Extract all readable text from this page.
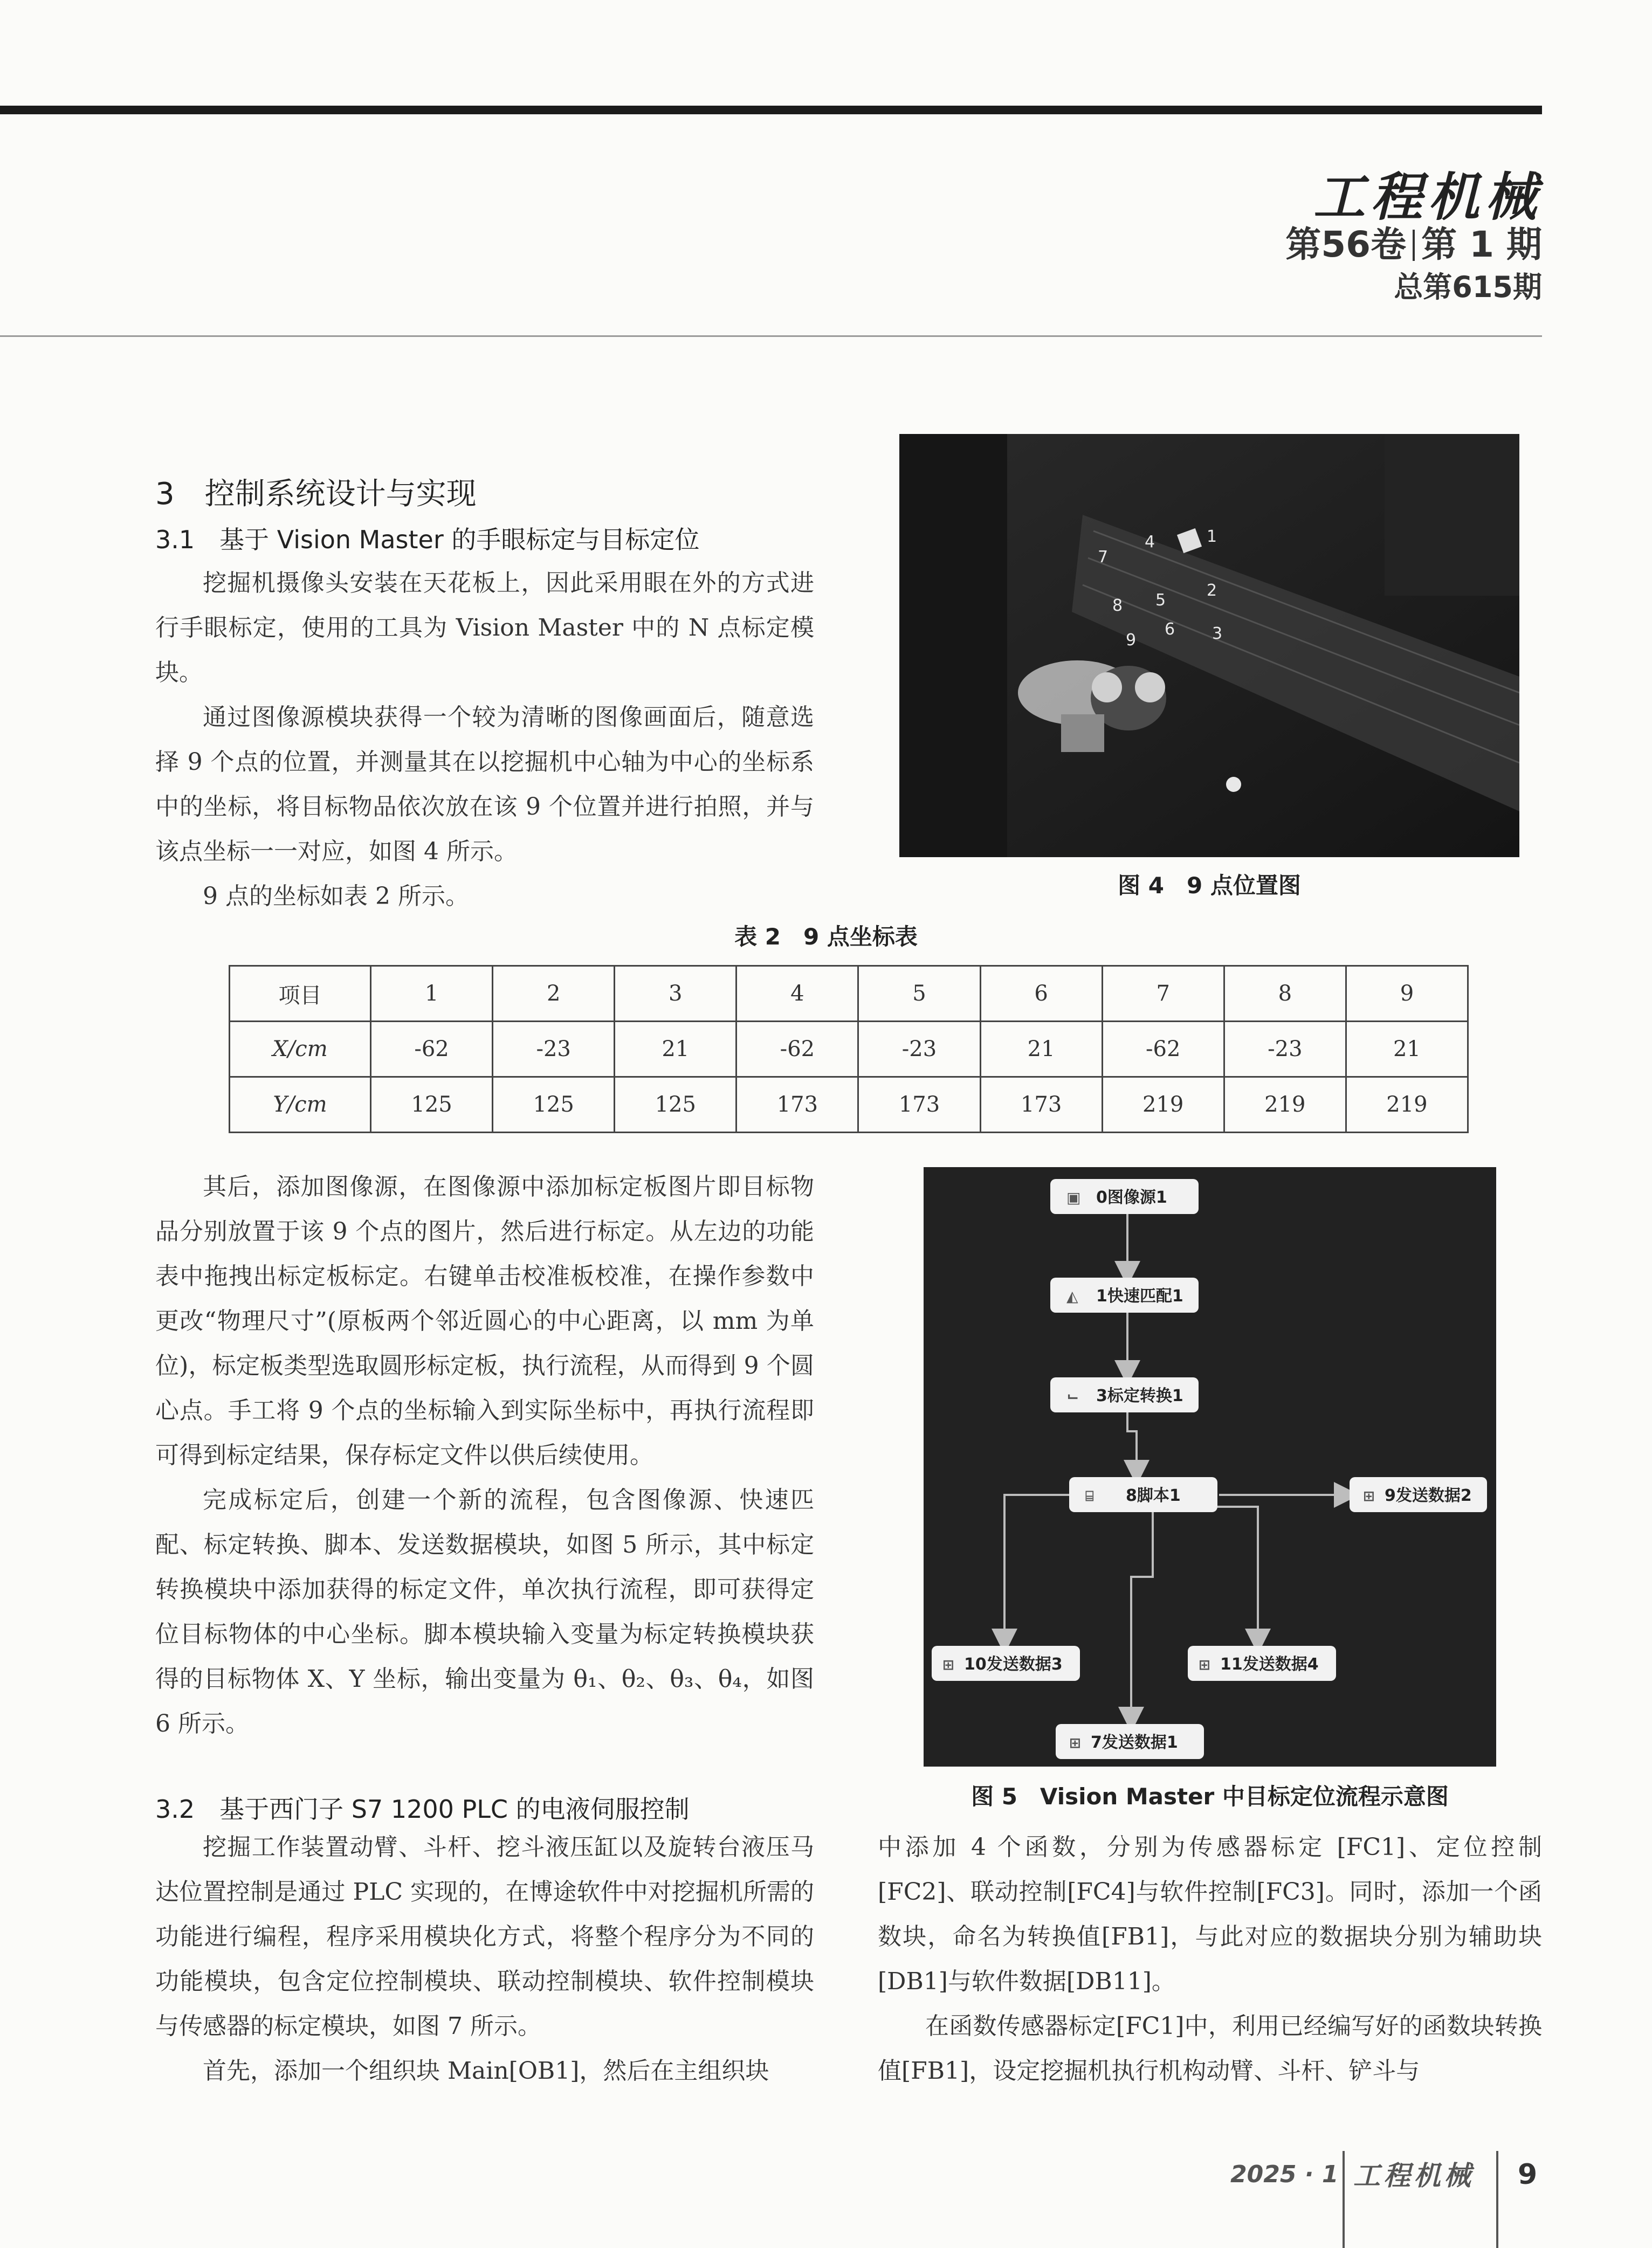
工程机械
第56卷 第 1 期
总第615期
3　控制系统设计与实现
3.1　基于 Vision Master 的手眼标定与目标定位

挖掘机摄像头安装在天花板上，因此采用眼在外的方式进行手眼标定，使用的工具为 Vision Master 中的 N 点标定模块。

通过图像源模块获得一个较为清晰的图像画面后，随意选择 9 个点的位置，并测量其在以挖掘机中心轴为中心的坐标系中的坐标，将目标物品依次放在该 9 个位置并进行拍照，并与该点坐标一一对应，如图 4 所示。

9 点的坐标如表 2 所示。

1
2
3
4
5
6
7
8
9
图 4　9 点位置图
表 2　9 点坐标表
项目	1	2	3	4	5	6	7	8	9
X/cm	-62	-23	21	-62	-23	21	-62	-23	21
Y/cm	125	125	125	173	173	173	219	219	219

其后，添加图像源，在图像源中添加标定板图片即目标物品分别放置于该 9 个点的图片，然后进行标定。从左边的功能表中拖拽出标定板标定。右键单击校准板校准，在操作参数中更改“物理尺寸”(原板两个邻近圆心的中心距离，以 mm 为单位)，标定板类型选取圆形标定板，执行流程，从而得到 9 个圆心点。手工将 9 个点的坐标输入到实际坐标中，再执行流程即可得到标定结果，保存标定文件以供后续使用。

完成标定后，创建一个新的流程，包含图像源、快速匹配、标定转换、脚本、发送数据模块，如图 5 所示，其中标定转换模块中添加获得的标定文件，单次执行流程，即可获得定位目标物体的中心坐标。脚本模块输入变量为标定转换模块获得的目标物体 X、Y 坐标，输出变量为 θ₁、θ₂、θ₃、θ₄，如图 6 所示。

3.2　基于西门子 S7 1200 PLC 的电液伺服控制

挖掘工作装置动臂、斗杆、挖斗液压缸以及旋转台液压马达位置控制是通过 PLC 实现的，在博途软件中对挖掘机所需的功能进行编程，程序采用模块化方式，将整个程序分为不同的功能模块，包含定位控制模块、联动控制模块、软件控制模块与传感器的标定模块，如图 7 所示。

首先，添加一个组织块 Main[OB1]，然后在主组织块

▣ 0图像源1
◭ 1快速匹配1
⌙ 3标定转换1
⌸ 8脚本1	⊞ 9发送数据2
⊞ 10发送数据3	⊞ 11发送数据4
⊞ 7发送数据1
图 5　Vision Master 中目标定位流程示意图

中添加 4 个函数，分别为传感器标定 [FC1]、定位控制[FC2]、联动控制[FC4]与软件控制[FC3]。同时，添加一个函数块，命名为转换值[FB1]，与此对应的数据块分别为辅助块[DB1]与软件数据[DB11]。

在函数传感器标定[FC1]中，利用已经编写好的函数块转换值[FB1]，设定挖掘机执行机构动臂、斗杆、铲斗与

2025 · 1 工程机械 9
